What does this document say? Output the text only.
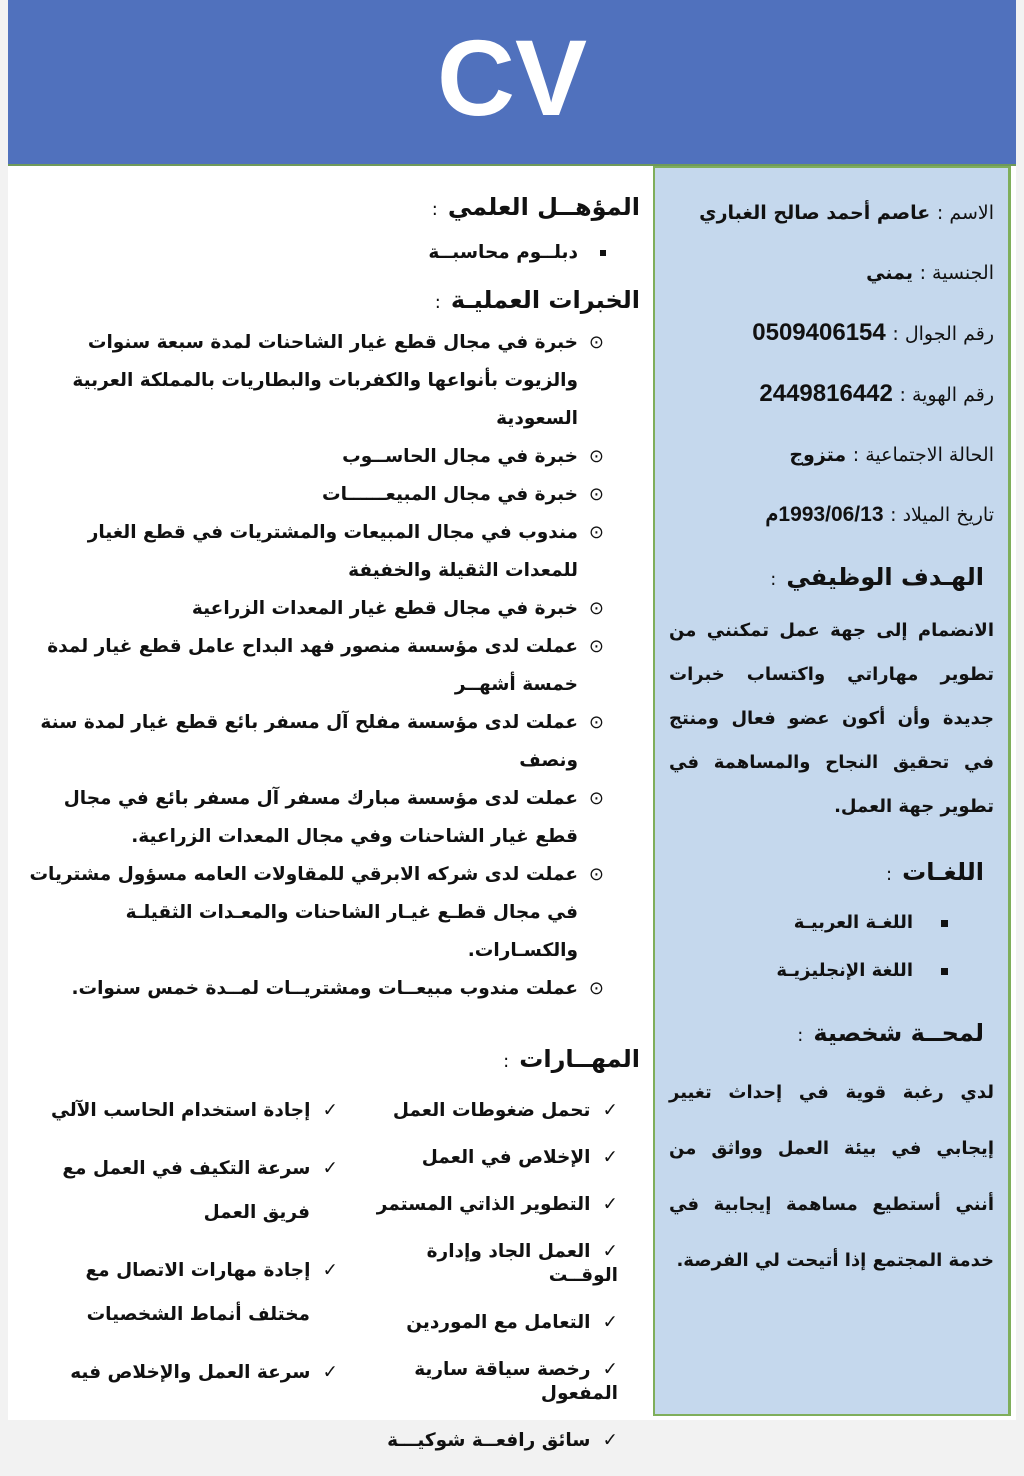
CV
الاسم : عاصم أحمد صالح الغباري
الجنسية : يمني
رقم الجوال : 0509406154
رقم الهوية : 2449816442
الحالة الاجتماعية : متزوج
تاريخ الميلاد : 1993/06/13م
الهـدف الوظيفي:
الانضمام إلى جهة عمل تمكنني من تطوير مهاراتي واكتساب خبرات جديدة وأن أكون عضو فعال ومنتج في تحقيق النجاح والمساهمة في تطوير جهة العمل.
اللغـات:
اللغـة العربيـة
اللغة الإنجليزيـة
لمحــة شخصية:
لدي رغبة قوية في إحداث تغيير إيجابي في بيئة العمل وواثق من أنني أستطيع مساهمة إيجابية في خدمة المجتمع إذا أتيحت لي الفرصة.
المؤهــل العلمي:
دبلــوم محاسبــة
الخبرات العمليـة:
⊙
خبرة في مجال قطع غيار الشاحنات لمدة سبعة سنوات والزيوت بأنواعها والكفربات والبطاريات بالمملكة العربية السعودية
⊙
خبرة في مجال الحاســوب
⊙
خبرة في مجال المبيعــــــات
⊙
مندوب في مجال المبيعات والمشتريات في قطع الغيار للمعدات الثقيلة والخفيفة
⊙
خبرة في مجال قطع غيار المعدات الزراعية
⊙
عملت لدى مؤسسة منصور فهد البداح عامل قطع غيار لمدة خمسة أشهــر
⊙
عملت لدى مؤسسة مفلح آل مسفر بائع قطع غيار لمدة سنة ونصف
⊙
عملت لدى مؤسسة مبارك مسفر آل مسفر بائع في مجال قطع غيار الشاحنات وفي مجال المعدات الزراعية.
⊙
عملت لدى شركه الابرقي للمقاولات العامه مسؤول مشتريات في مجال قطـع غيـار الشاحنات والمعـدات الثقيلـة والكسـارات.
⊙
عملت مندوب مبيعــات ومشتريــات لمــدة خمس سنوات.
المهــارات:
✓تحمل ضغوطات العمل
✓الإخلاص في العمل
✓التطوير الذاتي المستمر
✓العمل الجاد وإدارة الوقــت
✓التعامل مع الموردين
✓رخصة سياقة سارية المفعول
✓سائق رافعــة شوكيـــة
✓إجادة استخدام الحاسب الآلي
✓سرعة التكيف في العمل مع
فريق العمل
✓إجادة مهارات الاتصال مع
مختلف أنماط الشخصيات
✓سرعة العمل والإخلاص فيه
